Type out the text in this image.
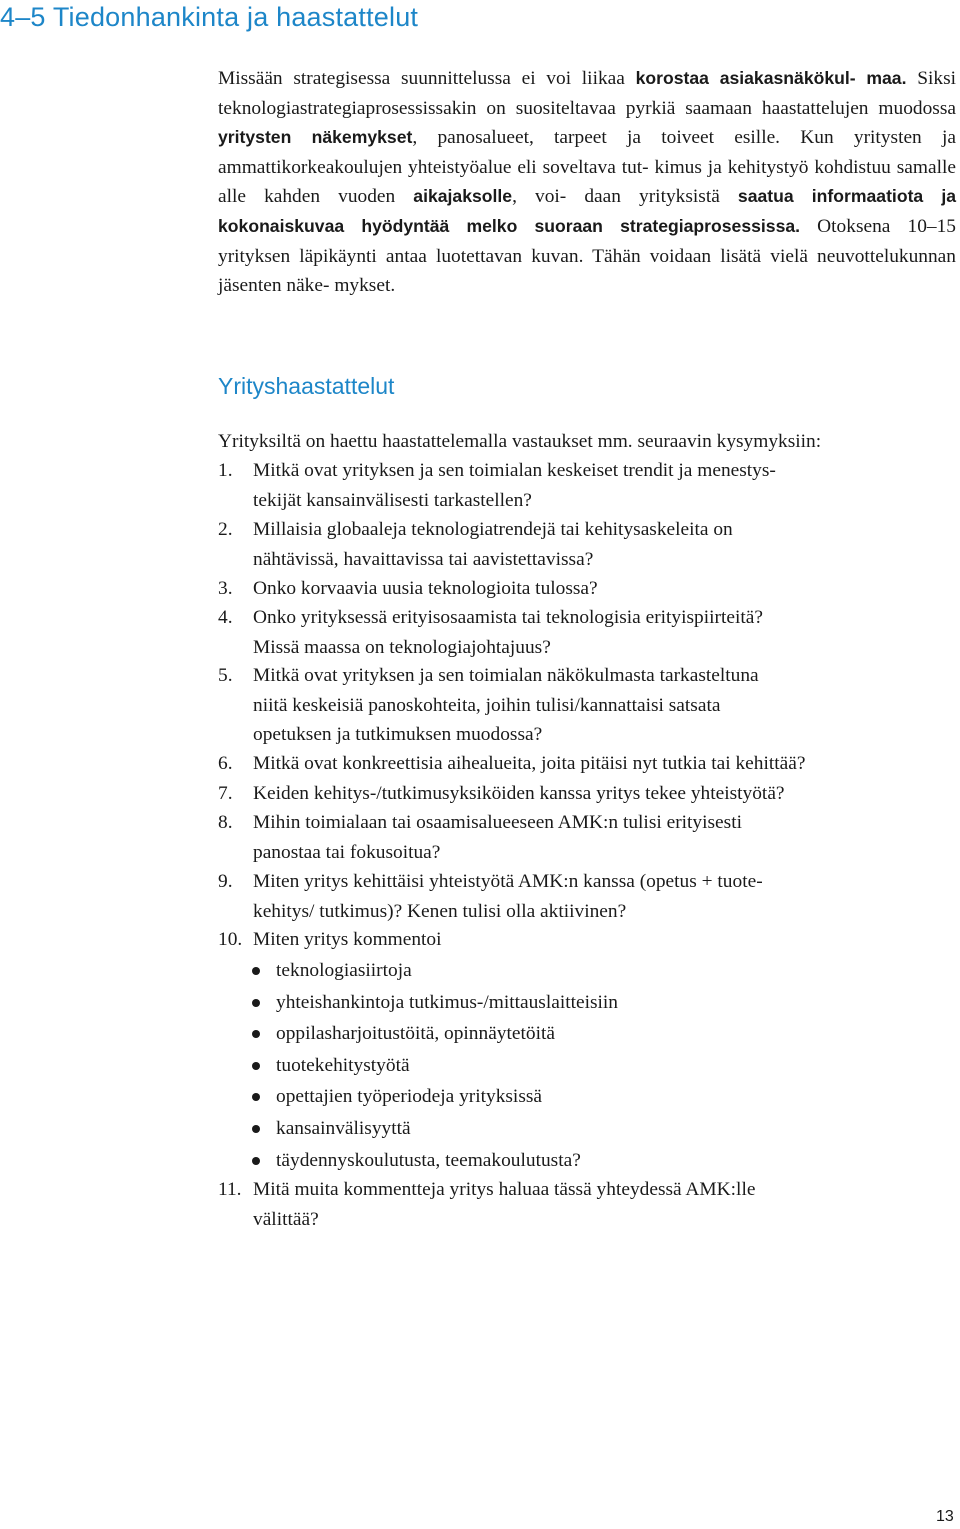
4–5 Tiedonhankinta ja haastattelut
Missään strategisessa suunnittelussa ei voi liikaa korostaa asiakasnäkökul- maa. Siksi teknologiastrategiaprosessissakin on suositeltavaa pyrkiä saamaan haastattelujen muodossa yritysten näkemykset, panosalueet, tarpeet ja toiveet esille. Kun yritysten ja ammattikorkeakoulujen yhteistyöalue eli soveltava tut- kimus ja kehitystyö kohdistuu samalle alle kahden vuoden aikajaksolle, voi- daan yrityksistä saatua informaatiota ja kokonaiskuvaa hyödyntää melko suoraan strategiaprosessissa. Otoksena 10–15 yrityksen läpikäynti antaa luotettavan kuvan. Tähän voidaan lisätä vielä neuvottelukunnan jäsenten näke- mykset.
Yrityshaastattelut
Yrityksiltä on haettu haastattelemalla vastaukset mm. seuraavin kysymyksiin:
1. Mitkä ovat yrityksen ja sen toimialan keskeiset trendit ja menestys-
tekijät kansainvälisesti tarkastellen?
2. Millaisia globaaleja teknologiatrendejä tai kehitysaskeleita on
nähtävissä, havaittavissa tai aavistettavissa?
3. Onko korvaavia uusia teknologioita tulossa?
4. Onko yrityksessä erityisosaamista tai teknologisia erityispiirteitä?
Missä maassa on teknologiajohtajuus?
5. Mitkä ovat yrityksen ja sen toimialan näkökulmasta tarkasteltuna
niitä keskeisiä panoskohteita, joihin tulisi/kannattaisi satsata
opetuksen ja tutkimuksen muodossa?
6. Mitkä ovat konkreettisia aihealueita, joita pitäisi nyt tutkia tai kehittää?
7. Keiden kehitys-/tutkimusyksiköiden kanssa yritys tekee yhteistyötä?
8. Mihin toimialaan tai osaamisalueeseen AMK:n tulisi erityisesti
panostaa tai fokusoitua?
9. Miten yritys kehittäisi yhteistyötä AMK:n kanssa (opetus + tuote-
kehitys/ tutkimus)? Kenen tulisi olla aktiivinen?
10. Miten yritys kommentoi
teknologiasiirtoja
yhteishankintoja tutkimus-/mittauslaitteisiin
oppilasharjoitustöitä, opinnäytetöitä
tuotekehitystyötä
opettajien työperiodeja yrityksissä
kansainvälisyyttä
täydennyskoulutusta, teemakoulutusta?
11. Mitä muita kommentteja yritys haluaa tässä yhteydessä AMK:lle
välittää?
13
